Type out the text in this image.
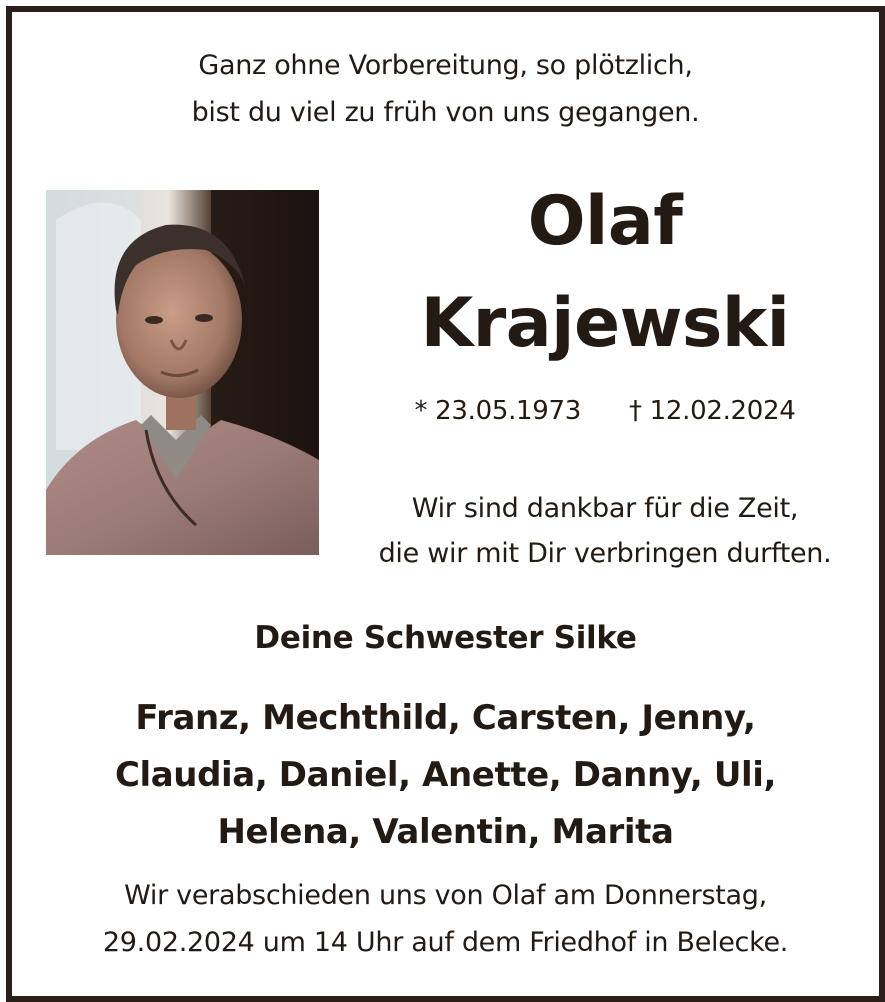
Ganz ohne Vorbereitung, so plötzlich,
bist du viel zu früh von uns gegangen.
Olaf
Krajewski
* 23.05.1973 † 12.02.2024
Wir sind dankbar für die Zeit,
die wir mit Dir verbringen durften.
Deine Schwester Silke
Franz, Mechthild, Carsten, Jenny,
Claudia, Daniel, Anette, Danny, Uli,
Helena, Valentin, Marita
Wir verabschieden uns von Olaf am Donnerstag,
29.02.2024 um 14 Uhr auf dem Friedhof in Belecke.
